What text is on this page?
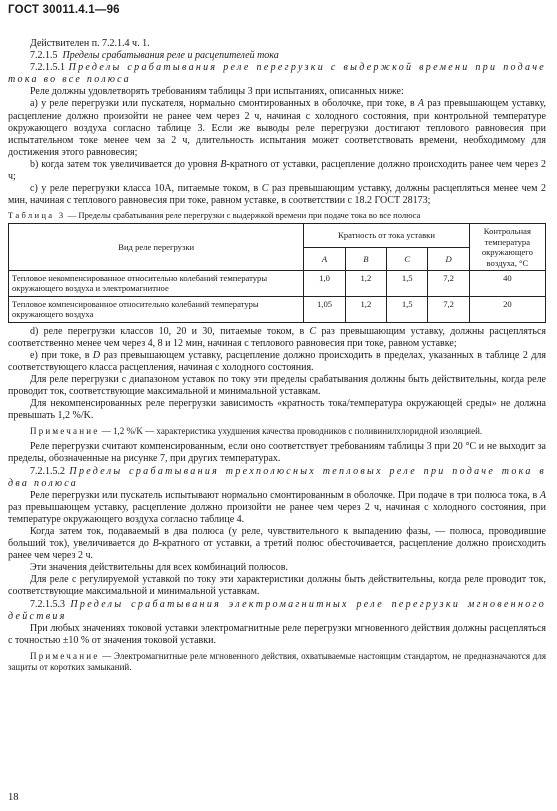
ГОСТ 30011.4.1—96

Действителен п. 7.2.1.4 ч. 1.

7.2.1.5 Пределы срабатывания реле и расцепителей тока

7.2.1.5.1 Пределы срабатывания реле перегрузки с выдержкой времени при подаче тока во все полюса

Реле должны удовлетворять требованиям таблицы 3 при испытаниях, описанных ниже:

а) у реле перегрузки или пускателя, нормально смонтированных в оболочке, при токе, в А раз превышающем уставку, расцепление должно произойти не ранее чем через 2 ч, начиная с холодного состояния, при контрольной температуре окружающего воздуха согласно таблице 3. Если же выводы реле перегрузки достигают теплового равновесия при испытательном токе менее чем за 2 ч, длительность испытания может соответствовать времени, необходимому для достижения этого равновесия;

b) когда затем ток увеличивается до уровня B-кратного от уставки, расцепление должно происходить ранее чем через 2 ч;

с) у реле перегрузки класса 10А, питаемые током, в С раз превышающим уставку, должны расцепляться менее чем 2 мин, начиная с теплового равновесия при токе, равном уставке, в соответствии с 18.2 ГОСТ 28173;

Таблица 3 — Пределы срабатывания реле перегрузки с выдержкой времени при подаче тока во все полюса
Вид реле перегрузки	Кратность от тока уставки				Контрольная температура окружающего воздуха, °С
	A	B	C	D	
Тепловое некомпенсированное относительно колебаний температуры окружающего воздуха и электромагнитное	1,0	1,2	1,5	7,2	40
Тепловое компенсированное относительно колебаний температуры окружающего воздуха	1,05	1,2	1,5	7,2	20

d) реле перегрузки классов 10, 20 и 30, питаемые током, в С раз превышающим уставку, должны расцепляться соответственно менее чем через 4, 8 и 12 мин, начиная с теплового равновесия при токе, равном уставке;

е) при токе, в D раз превышающем уставку, расцепление должно происходить в пределах, указанных в таблице 2 для соответствующего класса расцепления, начиная с холодного состояния.

Для реле перегрузки с диапазоном уставок по току эти пределы срабатывания должны быть действительны, когда реле проводит ток, соответствующие максимальной и минимальной уставкам.

Для некомпенсированных реле перегрузки зависимость «кратность тока/температура окружающей среды» не должна превышать 1,2 %/K.

Примечание — 1,2 %/K — характеристика ухудшения качества проводников с поливинилхлоридной изоляцией.

Реле перегрузки считают компенсированным, если оно соответствует требованиям таблицы 3 при 20 °С и не выходит за пределы, обозначенные на рисунке 7, при других температурах.

7.2.1.5.2 Пределы срабатывания трехполюсных тепловых реле при подаче тока в два полюса

Реле перегрузки или пускатель испытывают нормально смонтированным в оболочке. При подаче в три полюса тока, в А раз превышающем уставку, расцепление должно произойти не ранее чем через 2 ч, начиная с холодного состояния, при температуре окружающего воздуха согласно таблице 4.

Когда затем ток, подаваемый в два полюса (у реле, чувствительного к выпадению фазы, — полюса, проводившие больший ток), увеличивается до B-кратного от уставки, а третий полюс обесточивается, расцепление должно происходить ранее чем через 2 ч.

Эти значения действительны для всех комбинаций полюсов.

Для реле с регулируемой уставкой по току эти характеристики должны быть действительны, когда реле проводит ток, соответствующие максимальной и минимальной уставкам.

7.2.1.5.3 Пределы срабатывания электромагнитных реле перегрузки мгновенного действия

При любых значениях токовой уставки электромагнитные реле перегрузки мгновенного действия должны расцепляться с точностью ±10 % от значения токовой уставки.

Примечание — Электромагнитные реле мгновенного действия, охватываемые настоящим стандартом, не предназначаются для защиты от коротких замыканий.

18
